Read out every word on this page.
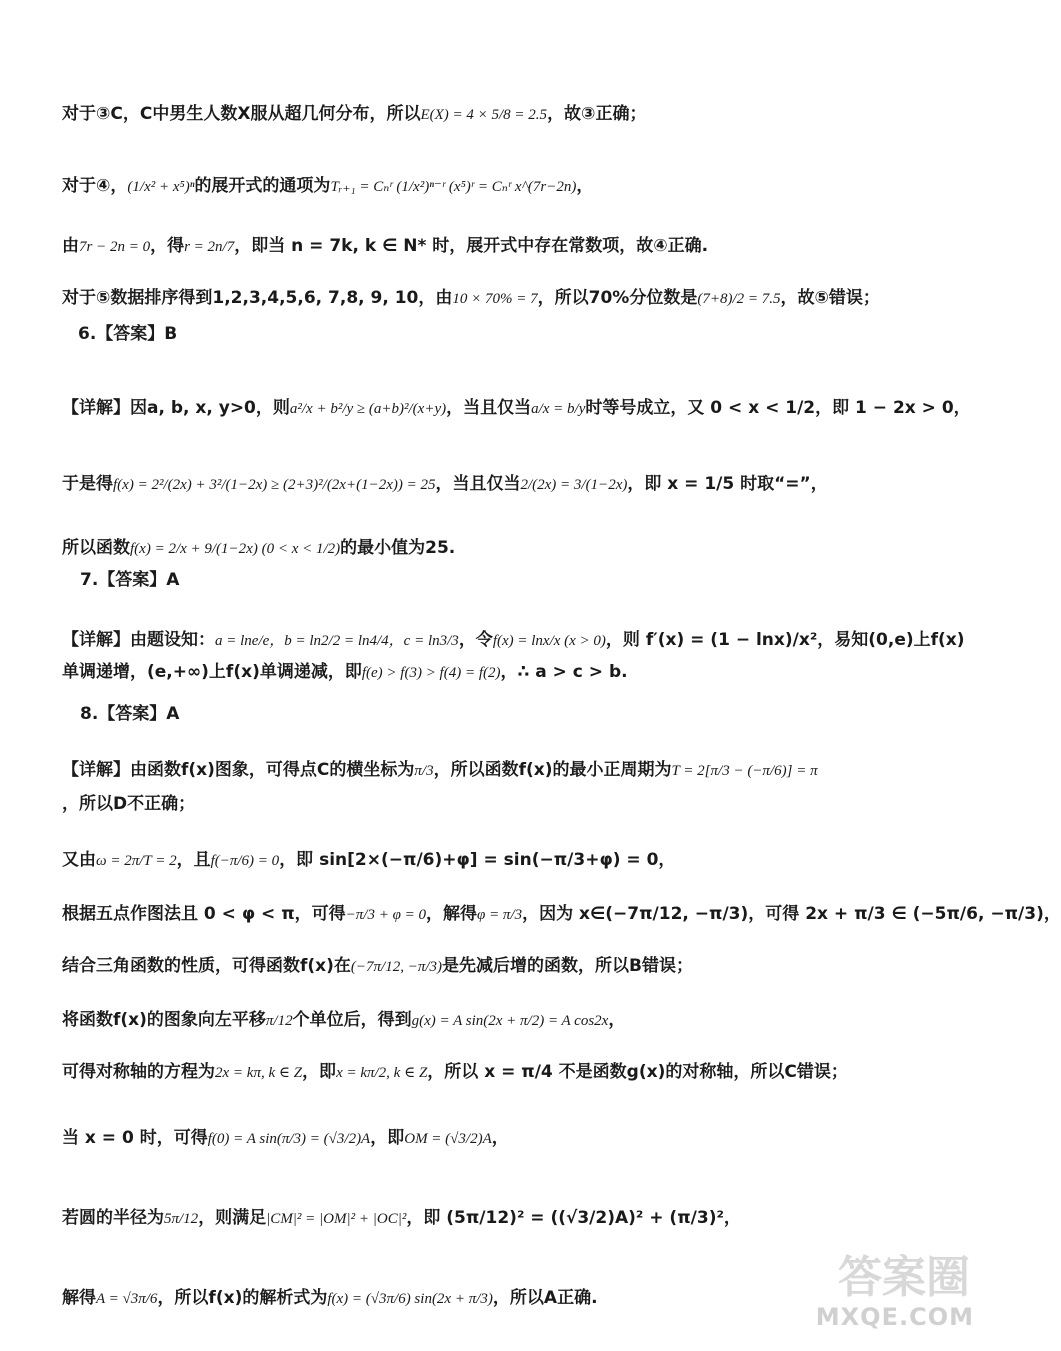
对于③C，C中男生人数X服从超几何分布，所以E(X) = 4 × 5/8 = 2.5，故③正确；
对于④，(1/x² + x⁵)ⁿ的展开式的通项为Tᵣ₊₁ = Cₙʳ (1/x²)ⁿ⁻ʳ (x⁵)ʳ = Cₙʳ x^(7r−2n)，
由7r − 2n = 0，得r = 2n/7，即当 n = 7k, k ∈ N* 时，展开式中存在常数项，故④正确.
对于⑤数据排序得到1,2,3,4,5,6, 7,8, 9, 10，由10 × 70% = 7，所以70%分位数是(7+8)/2 = 7.5，故⑤错误；
6.【答案】B
【详解】因a, b, x, y>0，则a²/x + b²/y ≥ (a+b)²/(x+y)，当且仅当a/x = b/y时等号成立，又 0 < x < 1/2，即 1 − 2x > 0，
于是得f(x) = 2²/(2x) + 3²/(1−2x) ≥ (2+3)²/(2x+(1−2x)) = 25，当且仅当2/(2x) = 3/(1−2x)，即 x = 1/5 时取“=”，
所以函数f(x) = 2/x + 9/(1−2x) (0 < x < 1/2)的最小值为25.
7.【答案】A
【详解】由题设知：a = lne/e，b = ln2/2 = ln4/4，c = ln3/3，令f(x) = lnx/x (x > 0)，则 f′(x) = (1 − lnx)/x²，易知(0,e)上f(x)
单调递增，(e,+∞)上f(x)单调递减，即f(e) > f(3) > f(4) = f(2)，∴ a > c > b.
8.【答案】A
【详解】由函数f(x)图象，可得点C的横坐标为π/3，所以函数f(x)的最小正周期为T = 2[π/3 − (−π/6)] = π
，所以D不正确；
又由ω = 2π/T = 2，且f(−π/6) = 0，即 sin[2×(−π/6)+φ] = sin(−π/3+φ) = 0，
根据五点作图法且 0 < φ < π，可得−π/3 + φ = 0，解得φ = π/3，因为 x∈(−7π/12, −π/3)，可得 2x + π/3 ∈ (−5π/6, −π/3)，
结合三角函数的性质，可得函数f(x)在(−7π/12, −π/3)是先减后增的函数，所以B错误；
将函数f(x)的图象向左平移π/12个单位后，得到g(x) = A sin(2x + π/2) = A cos2x，
可得对称轴的方程为2x = kπ, k ∈ Z，即x = kπ/2, k ∈ Z，所以 x = π/4 不是函数g(x)的对称轴，所以C错误；
当 x = 0 时，可得f(0) = A sin(π/3) = (√3/2)A，即OM = (√3/2)A，
若圆的半径为5π/12，则满足|CM|² = |OM|² + |OC|²，即 (5π/12)² = ((√3/2)A)² + (π/3)²，
解得A = √3π/6，所以f(x)的解析式为f(x) = (√3π/6) sin(2x + π/3)，所以A正确.	答案圈
MXQE.COM
